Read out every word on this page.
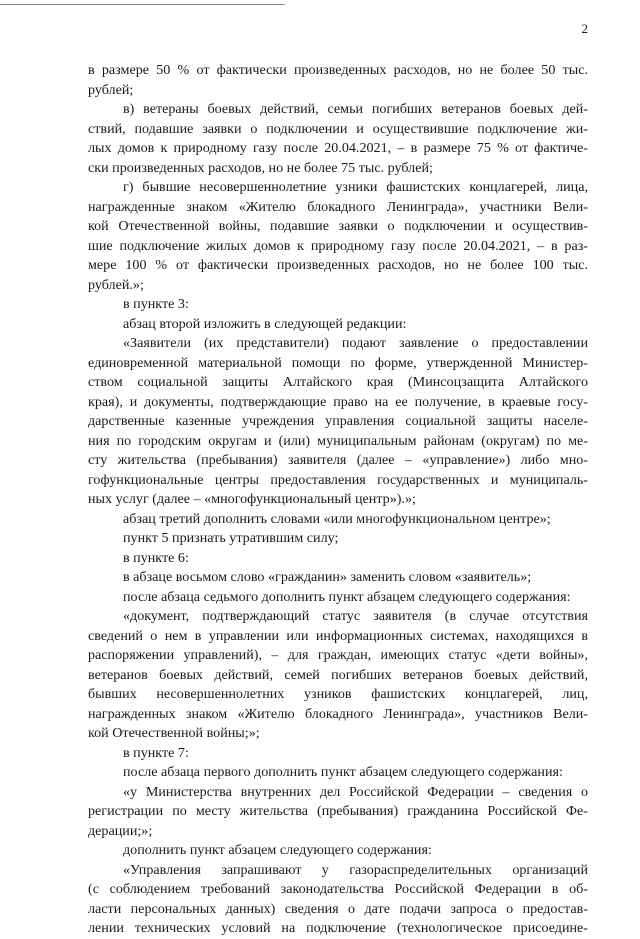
2
в размере 50 % от фактически произведенных расходов, но не более 50 тыс.
рублей;
в) ветераны боевых действий, семьи погибших ветеранов боевых дей-
ствий, подавшие заявки о подключении и осуществившие подключение жи-
лых домов к природному газу после 20.04.2021, – в размере 75 % от фактиче-
ски произведенных расходов, но не более 75 тыс. рублей;
г) бывшие несовершеннолетние узники фашистских концлагерей, лица,
награжденные знаком «Жителю блокадного Ленинграда», участники Вели-
кой Отечественной войны, подавшие заявки о подключении и осуществив-
шие подключение жилых домов к природному газу после 20.04.2021, – в раз-
мере 100 % от фактически произведенных расходов, но не более 100 тыс.
рублей.»;
в пункте 3:
абзац второй изложить в следующей редакции:
«Заявители (их представители) подают заявление о предоставлении
единовременной материальной помощи по форме, утвержденной Министер-
ством социальной защиты Алтайского края (Минсоцзащита Алтайского
края), и документы, подтверждающие право на ее получение, в краевые госу-
дарственные казенные учреждения управления социальной защиты населе-
ния по городским округам и (или) муниципальным районам (округам) по ме-
сту жительства (пребывания) заявителя (далее – «управление») либо мно-
гофункциональные центры предоставления государственных и муниципаль-
ных услуг (далее – «многофункциональный центр»).»;
абзац третий дополнить словами «или многофункциональном центре»;
пункт 5 признать утратившим силу;
в пункте 6:
в абзаце восьмом слово «гражданин» заменить словом «заявитель»;
после абзаца седьмого дополнить пункт абзацем следующего содержания:
«документ, подтверждающий статус заявителя (в случае отсутствия
сведений о нем в управлении или информационных системах, находящихся в
распоряжении управлений), – для граждан, имеющих статус «дети войны»,
ветеранов боевых действий, семей погибших ветеранов боевых действий,
бывших несовершеннолетних узников фашистских концлагерей, лиц,
награжденных знаком «Жителю блокадного Ленинграда», участников Вели-
кой Отечественной войны;»;
в пункте 7:
после абзаца первого дополнить пункт абзацем следующего содержания:
«у Министерства внутренних дел Российской Федерации – сведения о
регистрации по месту жительства (пребывания) гражданина Российской Фе-
дерации;»;
дополнить пункт абзацем следующего содержания:
«Управления запрашивают у газораспределительных организаций
(с соблюдением требований законодательства Российской Федерации в об-
ласти персональных данных) сведения о дате подачи запроса о предостав-
лении технических условий на подключение (технологическое присоедине-
